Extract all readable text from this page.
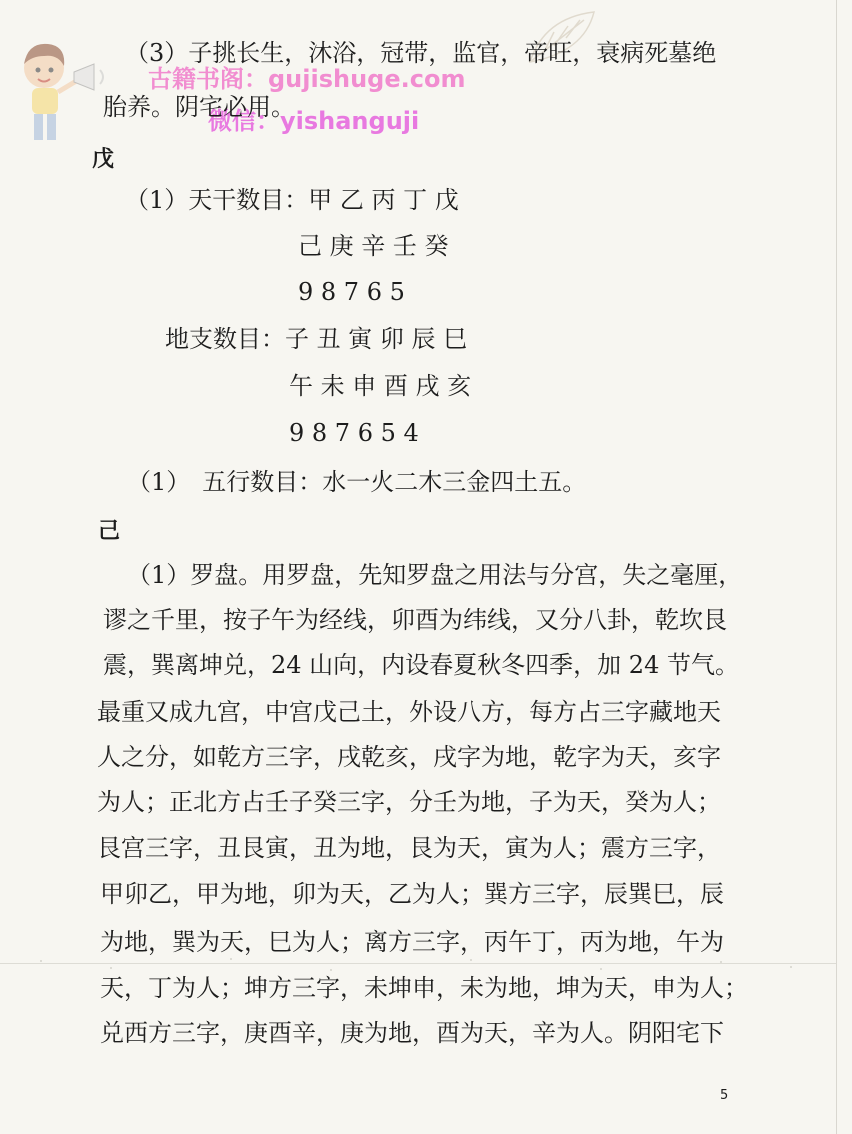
古籍书阁：gujishuge.com
微信：yishanguji
（3）子挑长生，沐浴，冠带，监官，帝旺，衰病死墓绝
胎养。阴宅必用。
戊
（1）天干数目：甲 乙 丙 丁 戊
己 庚 辛 壬 癸
9 8 7 6 5
地支数目：子 丑 寅 卯 辰 巳
午 未 申 酉 戌 亥
9 8 7 6 5 4
（1）　五行数目：水一火二木三金四土五。
己
（1）罗盘。用罗盘，先知罗盘之用法与分宫，失之毫厘，
谬之千里，按子午为经线，卯酉为纬线，又分八卦，乾坎艮
震，巽离坤兑，24 山向，内设春夏秋冬四季，加 24 节气。
最重又成九宫，中宫戊己土，外设八方，每方占三字藏地天
人之分，如乾方三字，戌乾亥，戌字为地，乾字为天，亥字
为人；正北方占壬子癸三字，分壬为地，子为天，癸为人；
艮宫三字，丑艮寅，丑为地，艮为天，寅为人；震方三字，
甲卯乙，甲为地，卯为天，乙为人；巽方三字，辰巽巳，辰
为地，巽为天，巳为人；离方三字，丙午丁，丙为地，午为
天，丁为人；坤方三字，未坤申，未为地，坤为天，申为人；
兑西方三字，庚酉辛，庚为地，酉为天，辛为人。阴阳宅下
5
